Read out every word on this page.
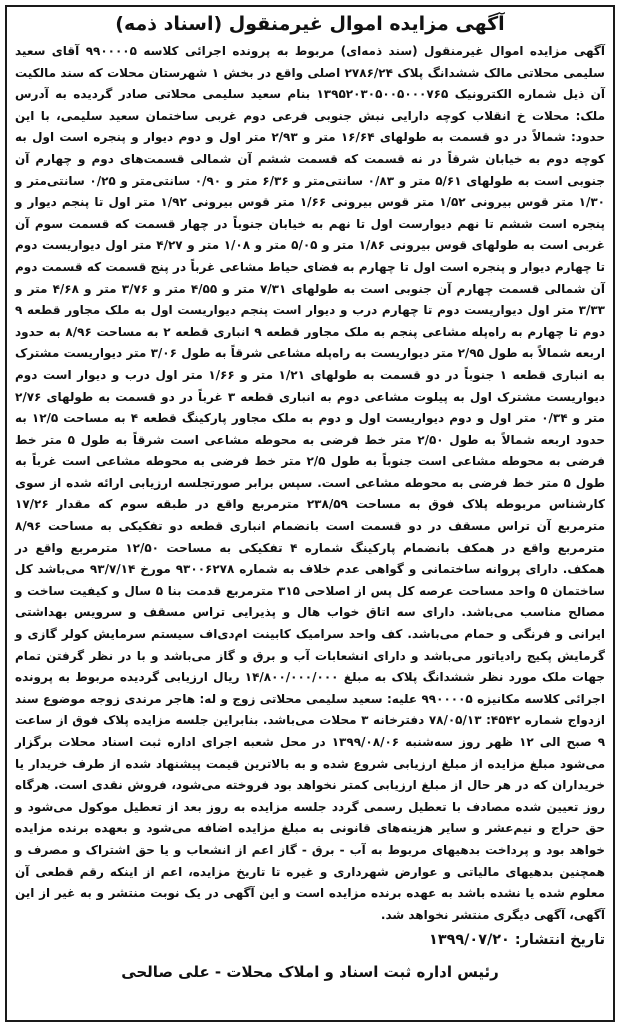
آگهی مزایده اموال غیرمنقول (اسناد ذمه)

آگهی مزایده اموال غیرمنقول (سند ذمه‌ای) مربوط به پرونده اجرائی کلاسه ۹۹۰۰۰۰۵ آقای سعید سلیمی محلاتی مالک ششدانگ پلاک ۲۷۸۶/۲۴ اصلی واقع در بخش ۱ شهرستان محلات که سند مالکیت آن ذیل شماره الکترونیک ۱۳۹۵۲۰۳۰۵۰۰۵۰۰۰۷۶۵ بنام سعید سلیمی محلاتی صادر گردیده به آدرس ملک: محلات خ انقلاب کوچه دارایی نبش جنوبی فرعی دوم غربی ساختمان سعید سلیمی، با این حدود: شمالاً در دو قسمت به طولهای ۱۶/۶۴ متر و ۲/۹۳ متر اول و دوم دیوار و پنجره است اول به کوچه دوم به خیابان شرقاً در نه قسمت که قسمت ششم آن شمالی قسمت‌های دوم و چهارم آن جنوبی است به طولهای ۵/۶۱ متر و ۰/۸۳ سانتی‌متر و ۶/۳۶ متر و ۰/۹۰ سانتی‌متر و ۰/۲۵ سانتی‌متر و ۱/۳۰ متر قوس بیرونی ۱/۵۲ متر قوس بیرونی ۱/۶۶ متر قوس بیرونی ۱/۹۲ متر اول تا پنجم دیوار و پنجره است ششم تا نهم دیوارست اول تا نهم به خیابان جنوباً در چهار قسمت که قسمت سوم آن غربی است به طولهای قوس بیرونی ۱/۸۶ متر و ۵/۰۵ متر و ۱/۰۸ متر و ۴/۲۷ متر اول دیواریست دوم تا چهارم دیوار و پنجره است اول تا چهارم به فضای حیاط مشاعی غرباً در پنج قسمت که قسمت دوم آن شمالی قسمت چهارم آن جنوبی است به طولهای ۷/۳۱ متر و ۴/۵۵ متر و ۳/۷۶ متر و ۴/۶۸ متر و ۳/۳۳ متر اول دیواریست دوم تا چهارم درب و دیوار است پنجم دیواریست اول به ملک مجاور قطعه ۹ دوم تا چهارم به راه‌پله مشاعی پنجم به ملک مجاور قطعه ۹ انباری قطعه ۲ به مساحت ۸/۹۶ به حدود اربعه شمالاً به طول ۲/۹۵ متر دیواریست به راه‌پله مشاعی شرقاً به طول ۳/۰۶ متر دیواریست مشترک به انباری قطعه ۱ جنوباً در دو قسمت به طولهای ۱/۲۱ متر و ۱/۶۶ متر اول درب و دیوار است دوم دیواریست مشترک اول به پیلوت مشاعی دوم به انباری قطعه ۳ غرباً در دو قسمت به طولهای ۲/۷۶ متر و ۰/۳۴ متر اول و دوم دیواریست اول و دوم به ملک مجاور پارکینگ قطعه ۴ به مساحت ۱۲/۵ به حدود اربعه شمالاً به طول ۲/۵۰ متر خط فرضی به محوطه مشاعی است شرقاً به طول ۵ متر خط فرضی به محوطه مشاعی است جنوباً به طول ۲/۵ متر خط فرضی به محوطه مشاعی است غرباً به طول ۵ متر خط فرضی به محوطه مشاعی است. سپس برابر صورتجلسه ارزیابی ارائه شده از سوی کارشناس مربوطه پلاک فوق به مساحت ۲۳۸/۵۹ مترمربع واقع در طبقه سوم که مقدار ۱۷/۲۶ مترمربع آن تراس مسقف در دو قسمت است بانضمام انباری قطعه دو تفکیکی به مساحت ۸/۹۶ مترمربع واقع در همکف بانضمام پارکینگ شماره ۴ تفکیکی به مساحت ۱۲/۵۰ مترمربع واقع در همکف. دارای پروانه ساختمانی و گواهی عدم خلاف به شماره ۹۳۰۰۶۲۷۸ مورخ ۹۳/۷/۱۴ می‌باشد کل ساختمان ۵ واحد مساحت عرصه کل پس از اصلاحی ۳۱۵ مترمربع قدمت بنا ۵ سال و کیفیت ساخت و مصالح مناسب می‌باشد. دارای سه اتاق خواب هال و پذیرایی تراس مسقف و سرویس بهداشتی ایرانی و فرنگی و حمام می‌باشد. کف واحد سرامیک کابینت ام‌دی‌اف سیستم سرمایش کولر گازی و گرمایش پکیج رادیاتور می‌باشد و دارای انشعابات آب و برق و گاز می‌باشد و با در نظر گرفتن تمام جهات ملک مورد نظر ششدانگ پلاک به مبلغ ۱۴/۸۰۰/۰۰۰/۰۰۰ ریال ارزیابی گردیده مربوط به پرونده اجرائی کلاسه مکانیزه ۹۹۰۰۰۰۵ علیه: سعید سلیمی محلاتی زوج و له: هاجر مرندی زوجه موضوع سند ازدواج شماره ۴۵۴۲: ۷۸/۰۵/۱۳ دفترخانه ۳ محلات می‌باشد. بنابراین جلسه مزایده پلاک فوق از ساعت ۹ صبح الی ۱۲ ظهر روز سه‌شنبه ۱۳۹۹/۰۸/۰۶ در محل شعبه اجرای اداره ثبت اسناد محلات برگزار می‌شود مبلغ مزایده از مبلغ ارزیابی شروع شده و به بالاترین قیمت پیشنهاد شده از طرف خریدار یا خریداران که در هر حال از مبلغ ارزیابی کمتر نخواهد بود فروخته می‌شود، فروش نقدی است. هرگاه روز تعیین شده مصادف با تعطیل رسمی گردد جلسه مزایده به روز بعد از تعطیل موکول می‌شود و حق حراج و نیم‌عشر و سایر هزینه‌های قانونی به مبلغ مزایده اضافه می‌شود و بعهده برنده مزایده خواهد بود و پرداخت بدهیهای مربوط به آب - برق - گاز اعم از انشعاب و یا حق اشتراک و مصرف و همچنین بدهیهای مالیاتی و عوارض شهرداری و غیره تا تاریخ مزایده، اعم از اینکه رقم قطعی آن معلوم شده یا نشده باشد به عهده برنده مزایده است و این آگهی در یک نوبت منتشر و به غیر از این آگهی، آگهی دیگری منتشر نخواهد شد.

تاریخ انتشار: ۱۳۹۹/۰۷/۲۰

رئیس اداره ثبت اسناد و املاک محلات - علی صالحی
